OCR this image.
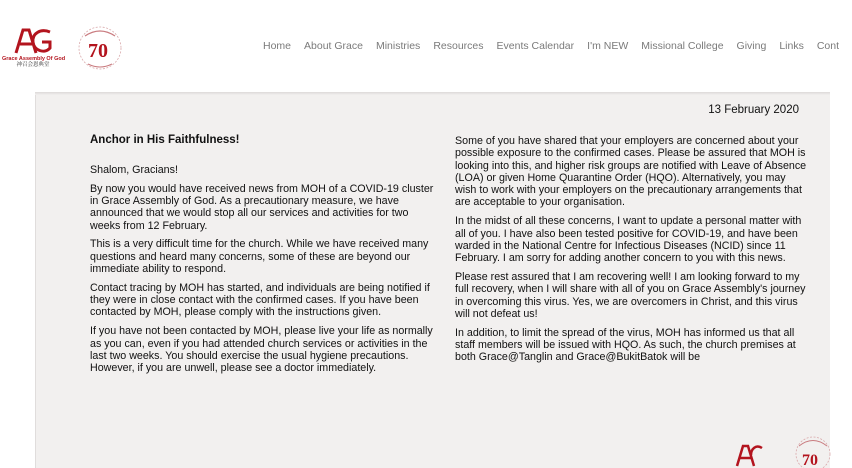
Grace Assembly Of God
神召会恩典堂
70	Home About Grace Ministries Resources Events Calendar I'm NEW Missional College Giving Links Cont
13 February 2020
Anchor in His Faithfulness!

Shalom, Gracians!

By now you would have received news from MOH of a COVID-19 cluster in Grace Assembly of God. As a precautionary measure, we have announced that we would stop all our services and activities for two weeks from 12 February.

This is a very difficult time for the church. While we have received many questions and heard many concerns, some of these are beyond our immediate ability to respond.

Contact tracing by MOH has started, and individuals are being notified if they were in close contact with the confirmed cases. If you have been contacted by MOH, please comply with the instructions given.

If you have not been contacted by MOH, please live your life as normally as you can, even if you had attended church services or activities in the last two weeks. You should exercise the usual hygiene precautions. However, if you are unwell, please see a doctor immediately.

Some of you have shared that your employers are concerned about your possible exposure to the confirmed cases. Please be assured that MOH is looking into this, and higher risk groups are notified with Leave of Absence (LOA) or given Home Quarantine Order (HQO). Alternatively, you may wish to work with your employers on the precautionary arrangements that are acceptable to your organisation.

In the midst of all these concerns, I want to update a personal matter with all of you. I have also been tested positive for COVID-19, and have been warded in the National Centre for Infectious Diseases (NCID) since 11 February. I am sorry for adding another concern to you with this news.

Please rest assured that I am recovering well! I am looking forward to my full recovery, when I will share with all of you on Grace Assembly's journey in overcoming this virus. Yes, we are overcomers in Christ, and this virus will not defeat us!

In addition, to limit the spread of the virus, MOH has informed us that all staff members will be issued with HQO. As such, the church premises at both Grace@Tanglin and Grace@BukitBatok will be

70
